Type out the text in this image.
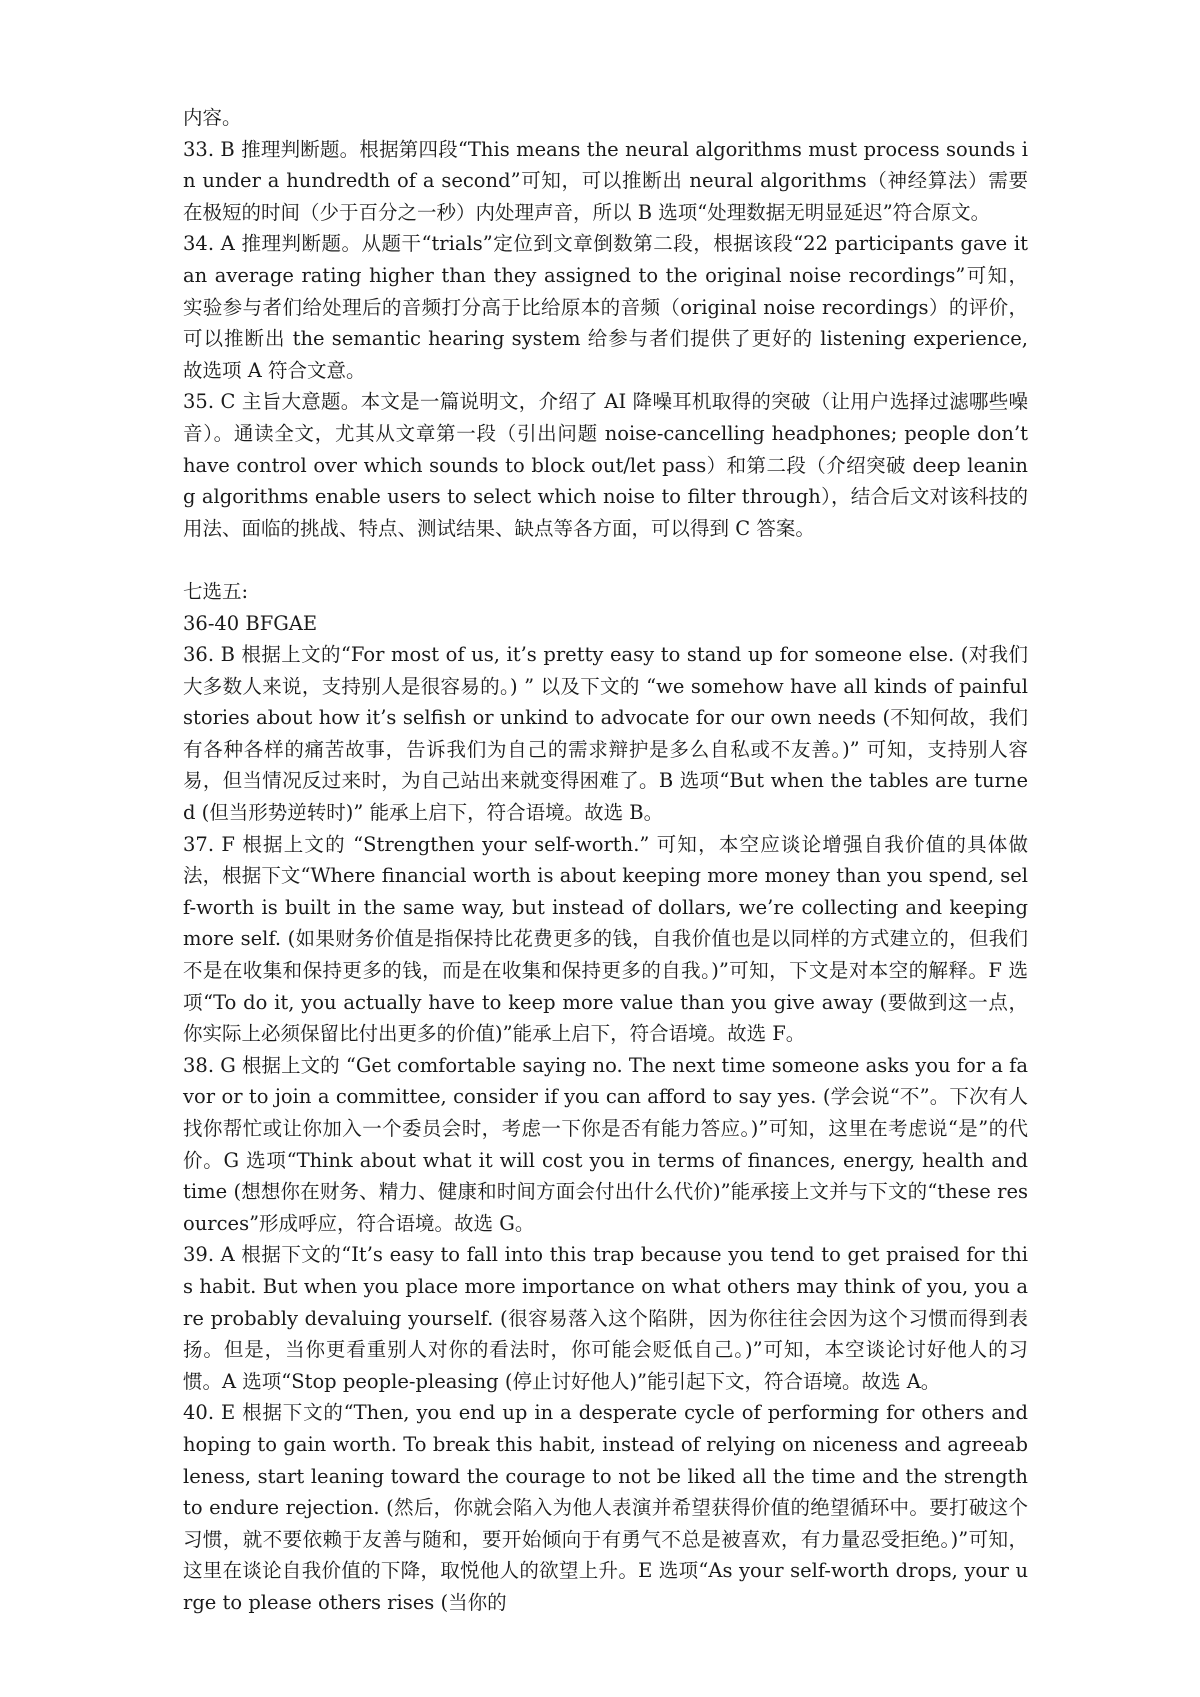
内容。

33. B 推理判断题。根据第四段“This means the neural algorithms must process sounds in under a hundredth of a second”可知，可以推断出 neural algorithms（神经算法）需要在极短的时间（少于百分之一秒）内处理声音，所以 B 选项“处理数据无明显延迟”符合原文。

34. A 推理判断题。从题干“trials”定位到文章倒数第二段，根据该段“22 participants gave it an average rating higher than they assigned to the original noise recordings”可知，实验参与者们给处理后的音频打分高于比给原本的音频（original noise recordings）的评价，可以推断出 the semantic hearing system 给参与者们提供了更好的 listening experience, 故选项 A 符合文意。

35. C 主旨大意题。本文是一篇说明文，介绍了 AI 降噪耳机取得的突破（让用户选择过滤哪些噪音）。通读全文，尤其从文章第一段（引出问题 noise-cancelling headphones; people don’t have control over which sounds to block out/let pass）和第二段（介绍突破 deep leaning algorithms enable users to select which noise to filter through），结合后文对该科技的用法、面临的挑战、特点、测试结果、缺点等各方面，可以得到 C 答案。

七选五:

36-40 BFGAE

36. B 根据上文的“For most of us, it’s pretty easy to stand up for someone else. (对我们大多数人来说，支持别人是很容易的。) ” 以及下文的 “we somehow have all kinds of painful stories about how it’s selfish or unkind to advocate for our own needs (不知何故，我们有各种各样的痛苦故事，告诉我们为自己的需求辩护是多么自私或不友善。)” 可知，支持别人容易，但当情况反过来时，为自己站出来就变得困难了。B 选项“But when the tables are turned (但当形势逆转时)” 能承上启下，符合语境。故选 B。

37. F 根据上文的 “Strengthen your self-worth.” 可知，本空应谈论增强自我价值的具体做法，根据下文“Where financial worth is about keeping more money than you spend, self-worth is built in the same way, but instead of dollars, we’re collecting and keeping more self. (如果财务价值是指保持比花费更多的钱，自我价值也是以同样的方式建立的，但我们不是在收集和保持更多的钱，而是在收集和保持更多的自我。)”可知，下文是对本空的解释。F 选项“To do it, you actually have to keep more value than you give away (要做到这一点，你实际上必须保留比付出更多的价值)”能承上启下，符合语境。故选 F。

38. G 根据上文的 “Get comfortable saying no. The next time someone asks you for a favor or to join a committee, consider if you can afford to say yes. (学会说“不”。下次有人找你帮忙或让你加入一个委员会时，考虑一下你是否有能力答应。)”可知，这里在考虑说“是”的代价。G 选项“Think about what it will cost you in terms of finances, energy, health and time (想想你在财务、精力、健康和时间方面会付出什么代价)”能承接上文并与下文的“these resources”形成呼应，符合语境。故选 G。

39. A 根据下文的“It’s easy to fall into this trap because you tend to get praised for this habit. But when you place more importance on what others may think of you, you are probably devaluing yourself. (很容易落入这个陷阱，因为你往往会因为这个习惯而得到表扬。但是，当你更看重别人对你的看法时，你可能会贬低自己。)”可知，本空谈论讨好他人的习惯。A 选项“Stop people-pleasing (停止讨好他人)”能引起下文，符合语境。故选 A。

40. E 根据下文的“Then, you end up in a desperate cycle of performing for others and hoping to gain worth. To break this habit, instead of relying on niceness and agreeableness, start leaning toward the courage to not be liked all the time and the strength to endure rejection. (然后，你就会陷入为他人表演并希望获得价值的绝望循环中。要打破这个习惯，就不要依赖于友善与随和，要开始倾向于有勇气不总是被喜欢，有力量忍受拒绝。)”可知，这里在谈论自我价值的下降，取悦他人的欲望上升。E 选项“As your self-worth drops, your urge to please others rises (当你的
